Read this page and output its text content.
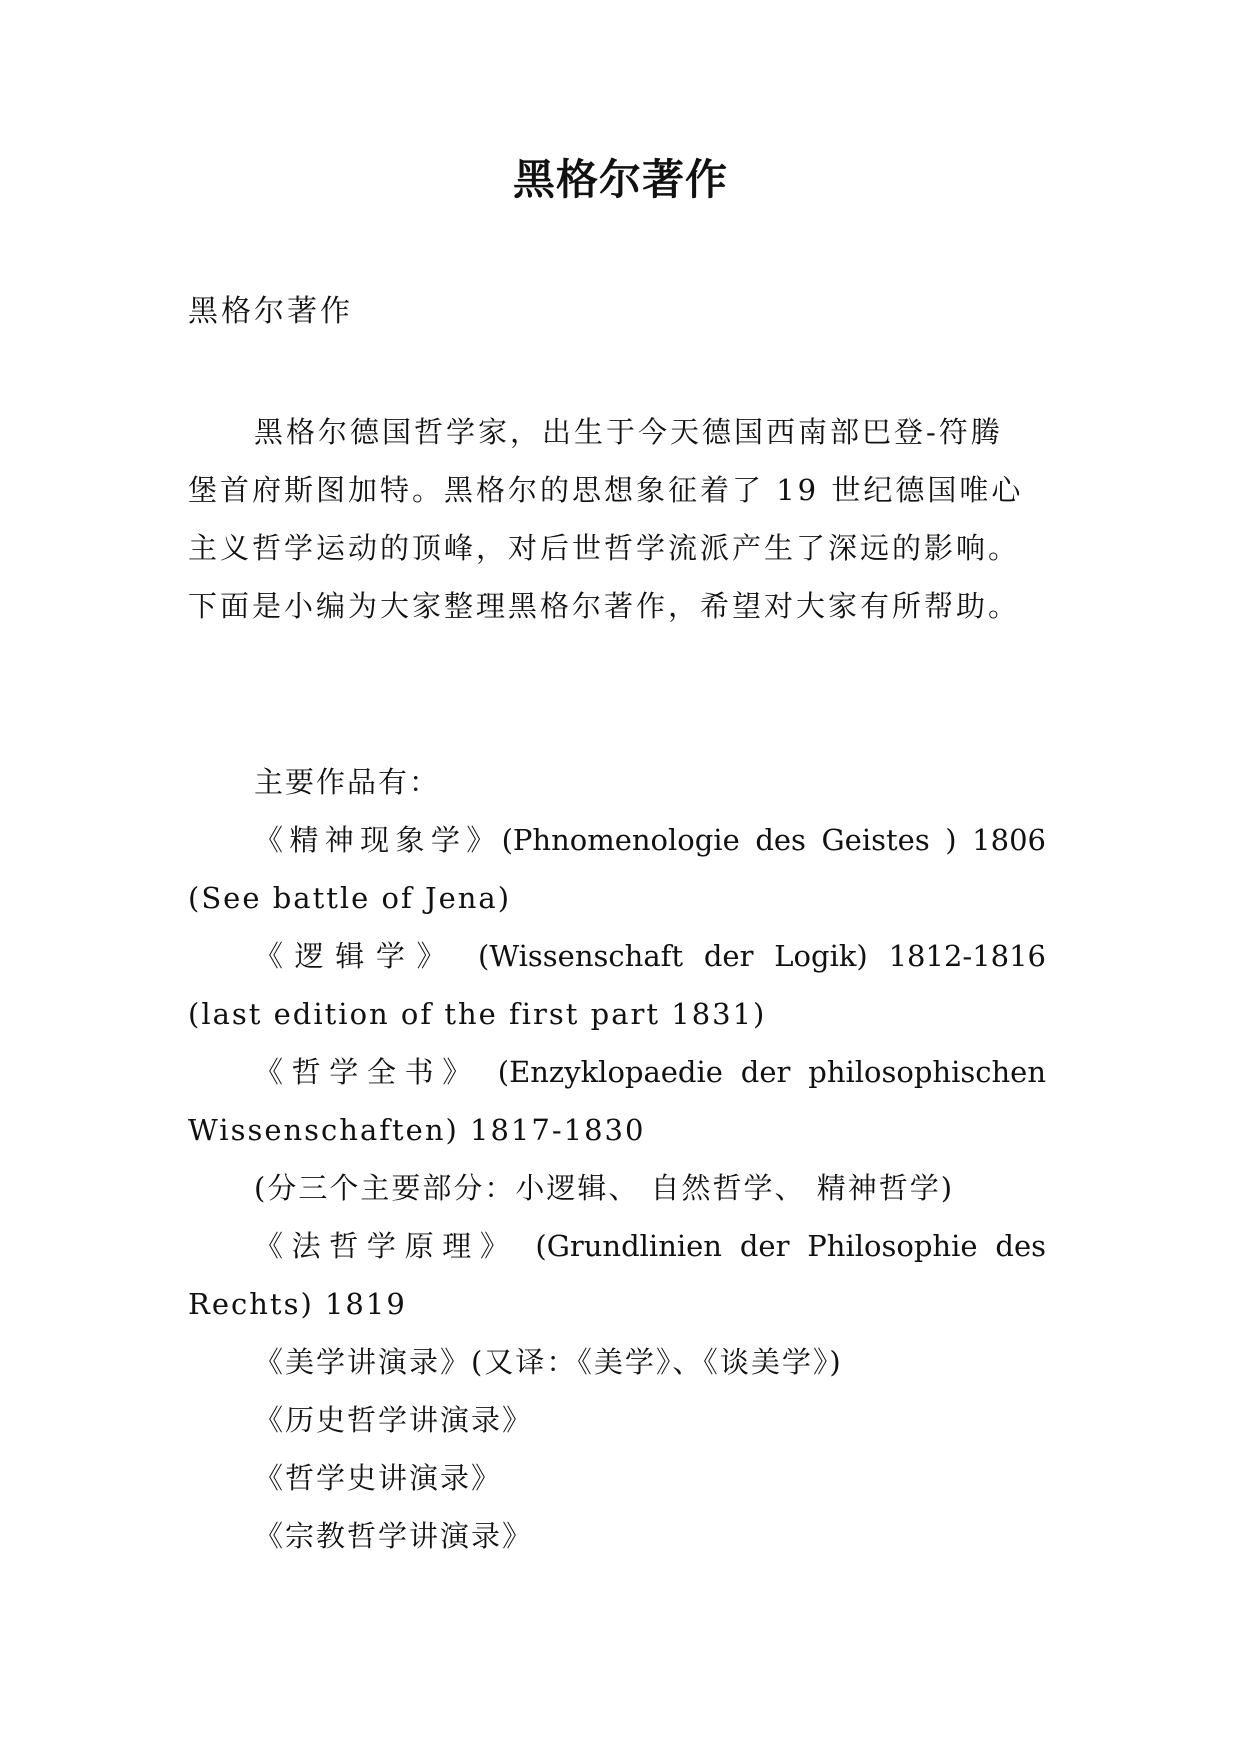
黑格尔著作
黑格尔著作
黑格尔德国哲学家，出生于今天德国西南部巴登-符腾
堡首府斯图加特。黑格尔的思想象征着了 19 世纪德国唯心
主义哲学运动的顶峰，对后世哲学流派产生了深远的影响。
下面是小编为大家整理黑格尔著作，希望对大家有所帮助。
主要作品有：
《精神现象学》(Phnomenologie des Geistes ) 1806
(See battle of Jena)
《逻辑学》 (Wissenschaft der Logik) 1812-1816
(last edition of the first part 1831)
《哲学全书》 (Enzyklopaedie der philosophischen
Wissenschaften) 1817-1830
(分三个主要部分：小逻辑、 自然哲学、 精神哲学)
《法哲学原理》 (Grundlinien der Philosophie des
Rechts) 1819
《美学讲演录》(又译：《美学》、《谈美学》)
《历史哲学讲演录》
《哲学史讲演录》
《宗教哲学讲演录》
